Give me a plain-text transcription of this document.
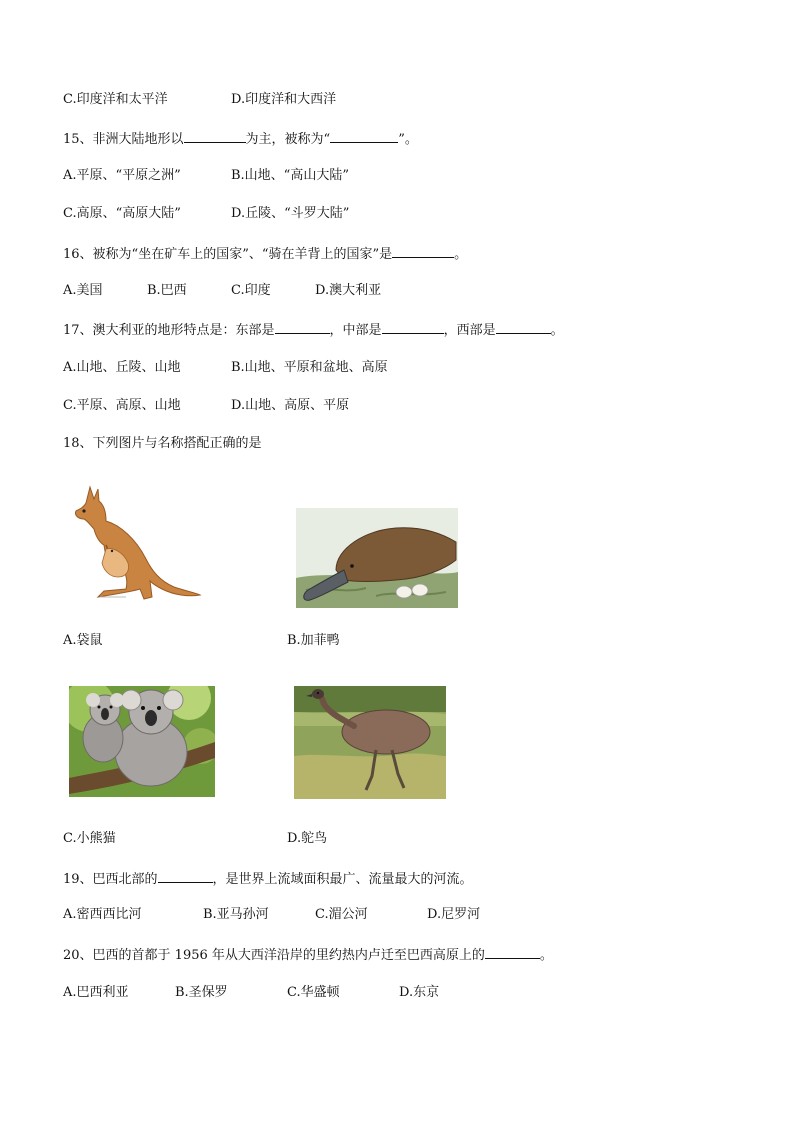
C.印度洋和太平洋	D.印度洋和大西洋
15、非洲大陆地形以	为主，被称为“	”。
A.平原、“平原之洲”	B.山地、“高山大陆”
C.高原、“高原大陆”	D.丘陵、“斗罗大陆”
16、被称为“坐在矿车上的国家”、“骑在羊背上的国家”是	。
A.美国	B.巴西	C.印度	D.澳大利亚
17、澳大利亚的地形特点是：东部是	，中部是	，西部是	。
A.山地、丘陵、山地	B.山地、平原和盆地、高原
C.平原、高原、山地	D.山地、高原、平原
18、下列图片与名称搭配正确的是
A.袋鼠	B.加菲鸭
C.小熊猫	D.鸵鸟
19、巴西北部的	，是世界上流域面积最广、流量最大的河流。
A.密西西比河	B.亚马孙河	C.湄公河	D.尼罗河
20、巴西的首都于 1956 年从大西洋沿岸的里约热内卢迁至巴西高原上的	。
A.巴西利亚	B.圣保罗	C.华盛顿	D.东京
